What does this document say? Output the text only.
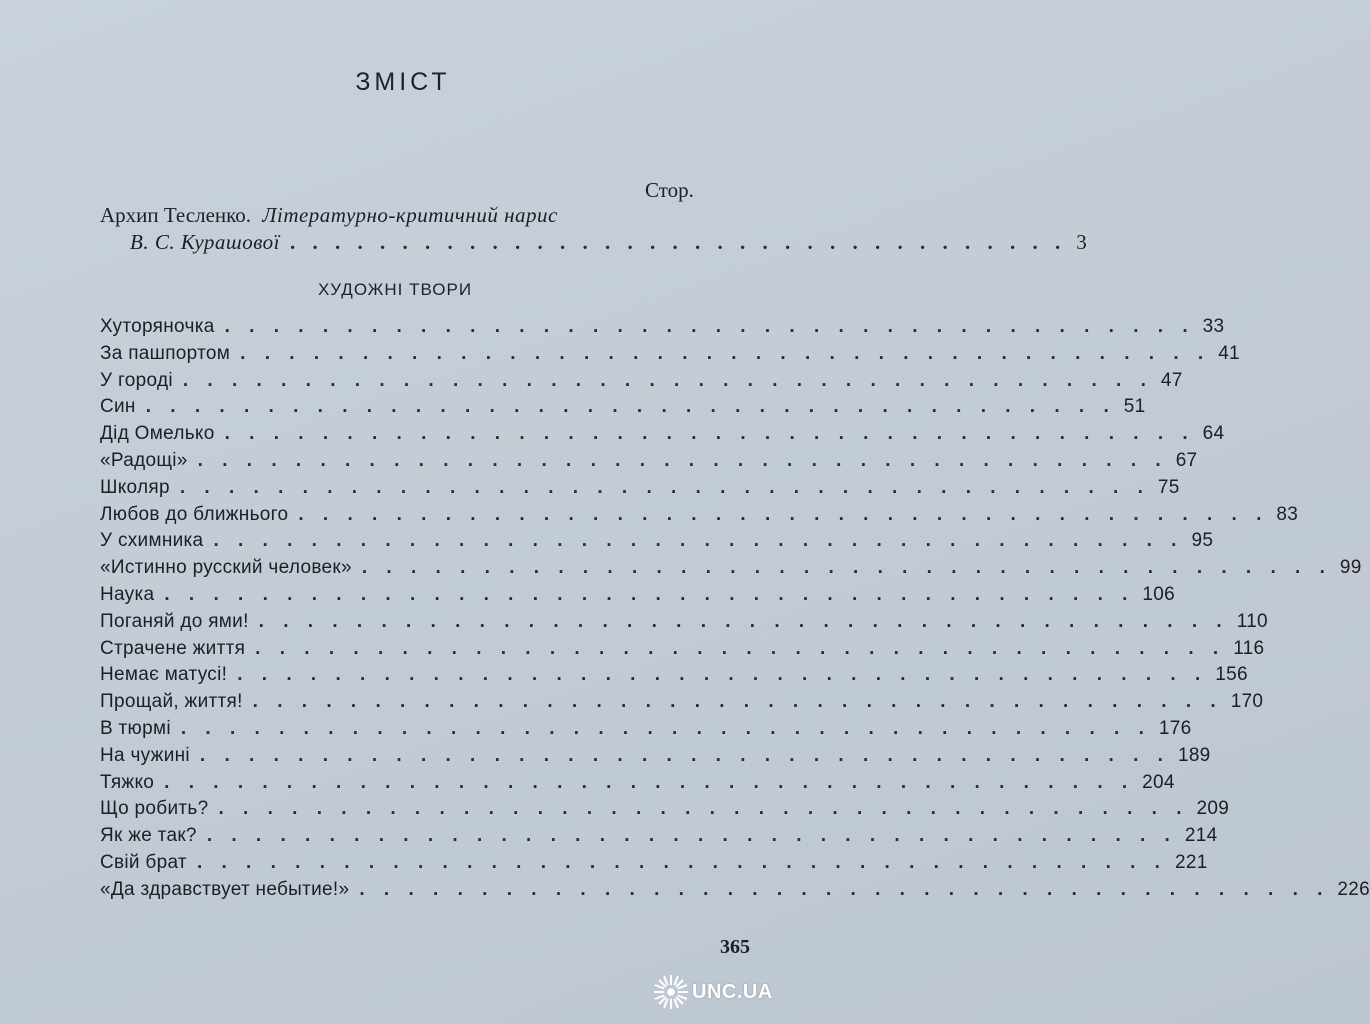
ЗМІСТ
Стор.
Архип Тесленко. Літературно-критичний нарис
В. С. Курашової . . . . . . . . . . . . . . . . . . . . . . . . . . . . . . . . . . . 3
ХУДОЖНІ ТВОРИ
Хуторяночка . . . . . . . . . . . . . . . . . . . . . . . . . . . . . . . . . . . . . . . . 33
За пашпортом . . . . . . . . . . . . . . . . . . . . . . . . . . . . . . . . . . . . . . . . 41
У городі . . . . . . . . . . . . . . . . . . . . . . . . . . . . . . . . . . . . . . . . 47
Син . . . . . . . . . . . . . . . . . . . . . . . . . . . . . . . . . . . . . . . . 51
Дід Омелько . . . . . . . . . . . . . . . . . . . . . . . . . . . . . . . . . . . . . . . . 64
«Радощі» . . . . . . . . . . . . . . . . . . . . . . . . . . . . . . . . . . . . . . . . 67
Школяр . . . . . . . . . . . . . . . . . . . . . . . . . . . . . . . . . . . . . . . . 75
Любов до ближнього . . . . . . . . . . . . . . . . . . . . . . . . . . . . . . . . . . . . . . . . 83
У схимника . . . . . . . . . . . . . . . . . . . . . . . . . . . . . . . . . . . . . . . . 95
«Истинно русский человек» . . . . . . . . . . . . . . . . . . . . . . . . . . . . . . . . . . . . . . . . 99
Наука . . . . . . . . . . . . . . . . . . . . . . . . . . . . . . . . . . . . . . . . 106
Поганяй до ями! . . . . . . . . . . . . . . . . . . . . . . . . . . . . . . . . . . . . . . . . 110
Страчене життя . . . . . . . . . . . . . . . . . . . . . . . . . . . . . . . . . . . . . . . . 116
Немає матусі! . . . . . . . . . . . . . . . . . . . . . . . . . . . . . . . . . . . . . . . . 156
Прощай, життя! . . . . . . . . . . . . . . . . . . . . . . . . . . . . . . . . . . . . . . . . 170
В тюрмі . . . . . . . . . . . . . . . . . . . . . . . . . . . . . . . . . . . . . . . . 176
На чужині . . . . . . . . . . . . . . . . . . . . . . . . . . . . . . . . . . . . . . . . 189
Тяжко . . . . . . . . . . . . . . . . . . . . . . . . . . . . . . . . . . . . . . . . 204
Що робить? . . . . . . . . . . . . . . . . . . . . . . . . . . . . . . . . . . . . . . . . 209
Як же так? . . . . . . . . . . . . . . . . . . . . . . . . . . . . . . . . . . . . . . . . 214
Свій брат . . . . . . . . . . . . . . . . . . . . . . . . . . . . . . . . . . . . . . . . 221
«Да здравствует небытие!» . . . . . . . . . . . . . . . . . . . . . . . . . . . . . . . . . . . . . . . . 226
365
UNC.UA
